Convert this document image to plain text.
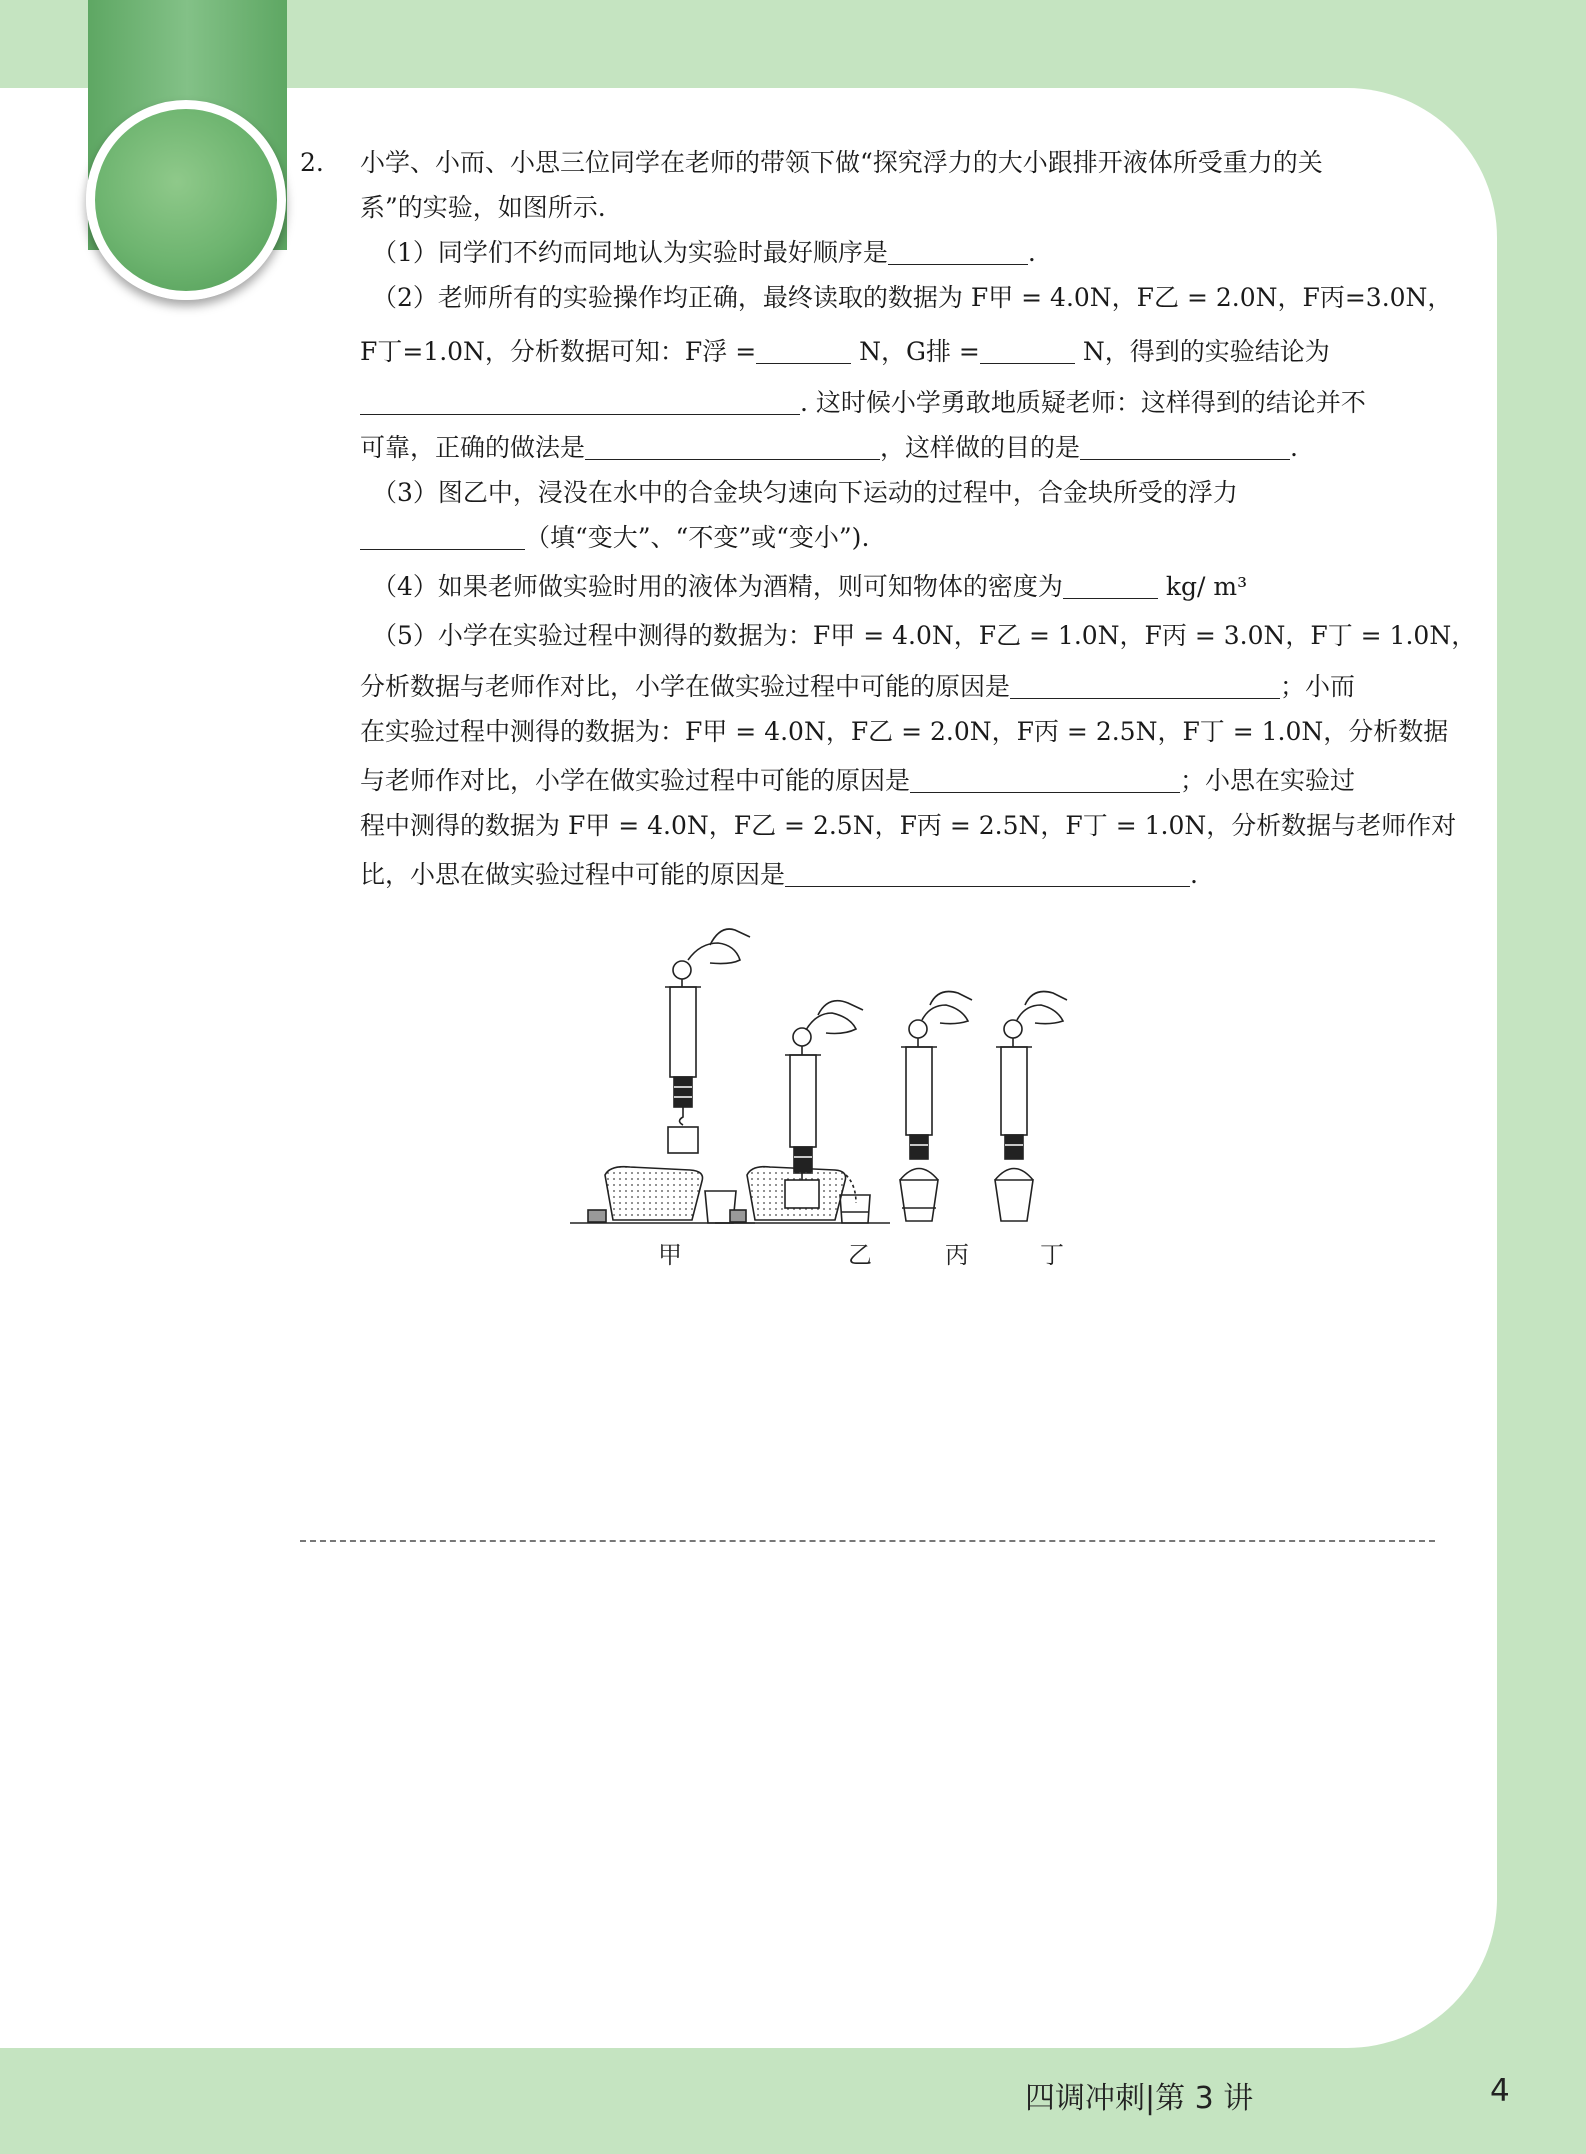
2. 小学、小而、小思三位同学在老师的带领下做“探究浮力的大小跟排开液体所受重力的关
系”的实验，如图所示.
（1）同学们不约而同地认为实验时最好顺序是	.
（2）老师所有的实验操作均正确，最终读取的数据为 F甲 = 4.0N，F乙 = 2.0N，F丙=3.0N，
F丁=1.0N，分析数据可知：F浮 =	N，G排 =	N，得到的实验结论为
. 这时候小学勇敢地质疑老师：这样得到的结论并不
可靠，正确的做法是	，这样做的目的是	.
（3）图乙中，浸没在水中的合金块匀速向下运动的过程中，合金块所受的浮力
（填“变大”、“不变”或“变小”).
（4）如果老师做实验时用的液体为酒精，则可知物体的密度为	kg/ m³
（5）小学在实验过程中测得的数据为：F甲 = 4.0N，F乙 = 1.0N，F丙 = 3.0N，F丁 = 1.0N，
分析数据与老师作对比，小学在做实验过程中可能的原因是	；小而
在实验过程中测得的数据为：F甲 = 4.0N，F乙 = 2.0N，F丙 = 2.5N，F丁 = 1.0N，分析数据
与老师作对比，小学在做实验过程中可能的原因是	；小思在实验过
程中测得的数据为 F甲 = 4.0N，F乙 = 2.5N，F丙 = 2.5N，F丁 = 1.0N，分析数据与老师作对
比，小思在做实验过程中可能的原因是	.
甲	乙	丙	丁
四调冲刺|第 3 讲	4
